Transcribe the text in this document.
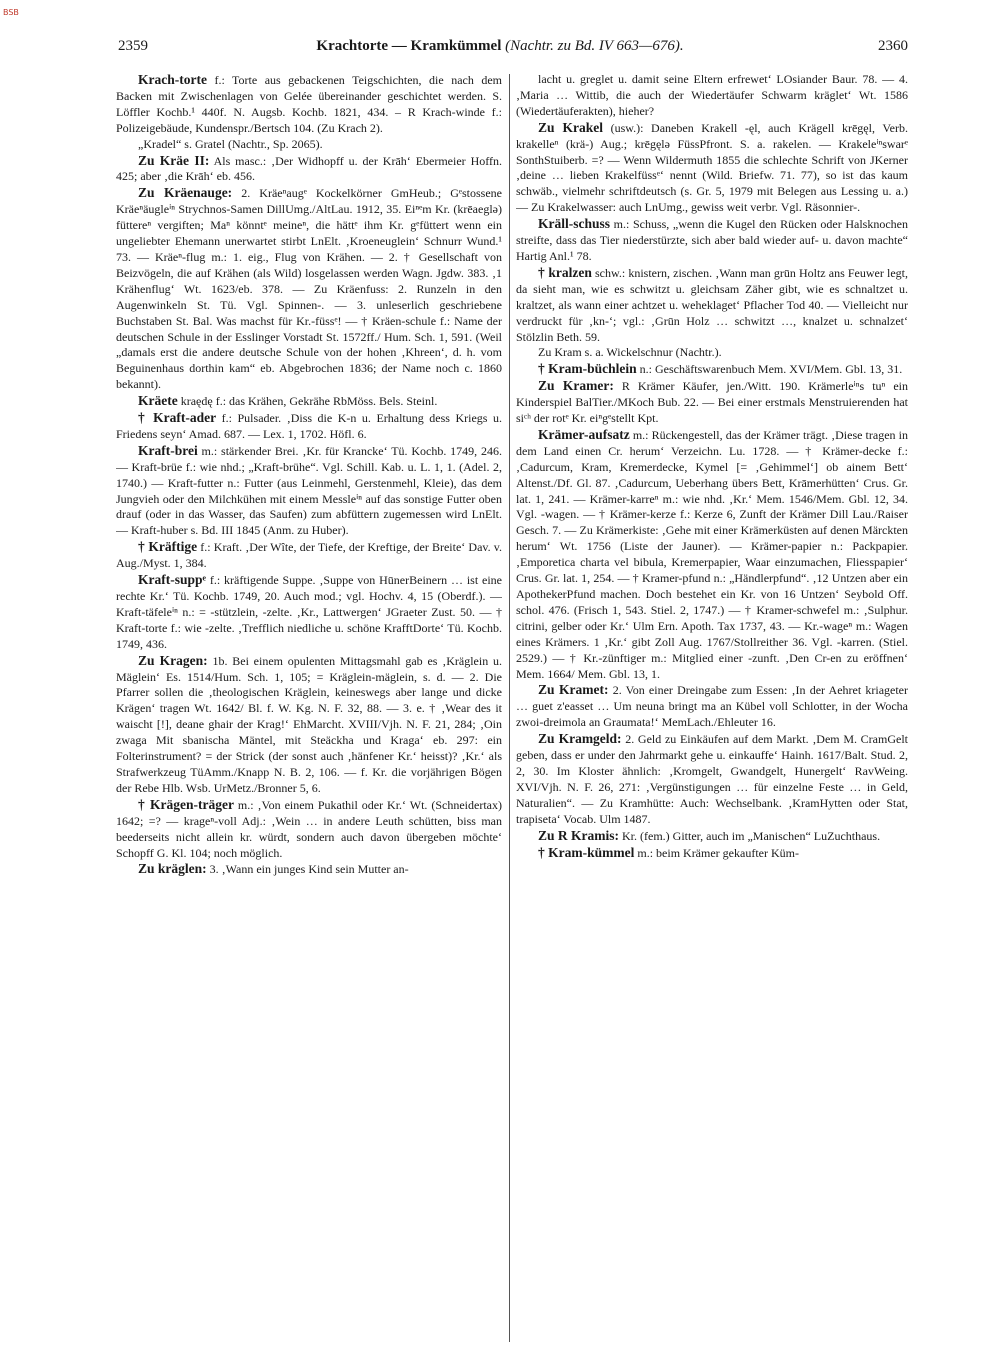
BSB
2359	Krachtorte — Kramkümmel (Nachtr. zu Bd. IV 663—676).	2360

Krach-torte f.: Torte aus gebackenen Teigschichten, die nach dem Backen mit Zwischenlagen von Gelée übereinander geschichtet werden. S. Löffler Kochb.¹ 440f. N. Augsb. Kochb. 1821, 434. – R Krach-winde f.: Polizeigebäude, Kundenspr./Bertsch 104. (Zu Krach 2).

„Kradel“ s. Gratel (Nachtr., Sp. 2065).

Zu Kräe II: Als masc.: ‚Der Widhopff u. der Krāh‘ Ebermeier Hoffn. 425; aber ‚die Krāh‘ eb. 456.

Zu Kräenauge: 2. Kräeⁿaugᵉ Kockelkörner GmHeub.; Gᵉstossene Kräeⁿäugleⁱⁿ Strychnos-Samen DillUmg./AltLau. 1912, 35. Eiⁿᵉm Kr. (krēaeglə) füttereⁿ vergiften; Maⁿ könntᵉ meineⁿ, die hättᵉ ihm Kr. gᵉfüttert wenn ein ungeliebter Ehemann unerwartet stirbt LnElt. ‚Kroeneuglein‘ Schnurr Wund.¹ 73. — Kräeⁿ-flug m.: 1. eig., Flug von Krähen. — 2. † Gesellschaft von Beizvögeln, die auf Krähen (als Wild) losgelassen werden Wagn. Jgdw. 383. ‚1 Krähenflug‘ Wt. 1623/eb. 378. — Zu Kräenfuss: 2. Runzeln in den Augenwinkeln St. Tü. Vgl. Spinnen-. — 3. unleserlich geschriebene Buchstaben St. Bal. Was machst für Kr.-füssᵉ! — † Kräen-schule f.: Name der deutschen Schule in der Esslinger Vorstadt St. 1572ff./ Hum. Sch. 1, 591. (Weil „damals erst die andere deutsche Schule von der hohen ‚Khreen‘, d. h. vom Beguinenhaus dorthin kam“ eb. Abgebrochen 1836; der Name noch c. 1860 bekannt).

Kräete kraędę f.: das Krähen, Gekrähe RbMöss. Bels. Steinl.

† Kraft-ader f.: Pulsader. ‚Diss die K-n u. Erhaltung dess Kriegs u. Friedens seyn‘ Amad. 687. — Lex. 1, 1702. Höfl. 6.

Kraft-brei m.: stärkender Brei. ‚Kr. für Krancke‘ Tü. Kochb. 1749, 246. — Kraft-brüe f.: wie nhd.; „Kraft-brühe“. Vgl. Schill. Kab. u. L. 1, 1. (Adel. 2, 1740.) — Kraft-futter n.: Futter (aus Leinmehl, Gerstenmehl, Kleie), das dem Jungvieh oder den Milchkühen mit einem Messleⁱⁿ auf das sonstige Futter oben drauf (oder in das Wasser, das Saufen) zum abfüttern zugemessen wird LnElt. — Kraft-huber s. Bd. III 1845 (Anm. zu Huber).

† Kräftige f.: Kraft. ‚Der Wîte, der Tiefe, der Kreftige, der Breite‘ Dav. v. Aug./Myst. 1, 384.

Kraft-suppᵉ f.: kräftigende Suppe. ‚Suppe von HūnerBeinern … ist eine rechte Kr.‘ Tü. Kochb. 1749, 20. Auch mod.; vgl. Hochv. 4, 15 (Oberdf.). — Kraft-täfeleⁱⁿ n.: = -stützlein, -zelte. ‚Kr., Lattwergen‘ JGraeter Zust. 50. — † Kraft-torte f.: wie -zelte. ‚Trefflich niedliche u. schöne KrafftDorte‘ Tü. Kochb. 1749, 436.

Zu Kragen: 1b. Bei einem opulenten Mittagsmahl gab es ‚Kräglein u. Mäglein‘ Es. 1514/Hum. Sch. 1, 105; = Kräglein-mäglein, s. d. — 2. Die Pfarrer sollen die ‚theologischen Kräglein, keineswegs aber lange und dicke Krägen‘ tragen Wt. 1642/ Bl. f. W. Kg. N. F. 32, 88. — 3. e. † ‚Wear des it waischt [!], deane ghair der Krag!‘ EhMarcht. XVIII/Vjh. N. F. 21, 284; ‚Oin zwaga Mit sbanischa Mäntel, mit Steäckha und Kraga‘ eb. 297: ein Folterinstrument? = der Strick (der sonst auch ‚hänfener Kr.‘ heisst)? ‚Kr.‘ als Strafwerkzeug TüAmm./Knapp N. B. 2, 106. — f. Kr. die vorjährigen Bögen der Rebe Hlb. Wsb. UrMetz./Bronner 5, 6.

† Krägen-träger m.: ‚Von einem Pukathil oder Kr.‘ Wt. (Schneidertax) 1642; =? — krageⁿ-voll Adj.: ‚Wein … in andere Leuth schütten, biss man beederseits nicht allein kr. würdt, sondern auch davon übergeben möchte‘ Schopff G. Kl. 104; noch möglich.

Zu kräglen: 3. ‚Wann ein junges Kind sein Mutter an-

lacht u. greglet u. damit seine Eltern erfrewet‘ LOsiander Baur. 78. — 4. ‚Maria … Wittib, die auch der Wiedertäufer Schwarm kräglet‘ Wt. 1586 (Wiedertäuferakten), hieher?

Zu Krakel (usw.): Daneben Krakell -ęl, auch Krägell krēgęl, Verb. krakelleⁿ (krä-) Aug.; krēgęlə FüssPfront. S. a. rakelen. — Krakeleⁱⁿswarᵉ SonthStuiberb. =? — Wenn Wildermuth 1855 die schlechte Schrift von JKerner ‚deine … lieben Krakelfüssᵉ‘ nennt (Wild. Briefw. 71. 77), so ist das kaum schwäb., vielmehr schriftdeutsch (s. Gr. 5, 1979 mit Belegen aus Lessing u. a.) — Zu Krakelwasser: auch LnUmg., gewiss weit verbr. Vgl. Räsonnier-.

Kräll-schuss m.: Schuss, „wenn die Kugel den Rücken oder Halsknochen streifte, dass das Tier niederstürzte, sich aber bald wieder auf- u. davon machte“ Hartig Anl.¹ 78.

† kralzen schw.: knistern, zischen. ‚Wann man grūn Holtz ans Feuwer legt, da sieht man, wie es schwitzt u. gleichsam Zäher gibt, wie es schnaltzet u. kraltzet, als wann einer achtzet u. weheklaget‘ Pflacher Tod 40. — Vielleicht nur verdruckt für ‚kn-‘; vgl.: ‚Grūn Holz … schwitzt …, knalzet u. schnalzet‘ Stölzlin Beth. 59.

Zu Kram s. a. Wickelschnur (Nachtr.).

† Kram-büchlein n.: Geschäftswarenbuch Mem. XVI/Mem. Gbl. 13, 31.

Zu Kramer: R Krämer Käufer, jen./Witt. 190. Krämerleⁱⁿs tuⁿ ein Kinderspiel BalTier./MKoch Bub. 22. — Bei einer erstmals Menstruierenden hat siᶜʰ der rotᵉ Kr. eiⁿgᵉstellt Kpt.

Krämer-aufsatz m.: Rückengestell, das der Krämer trägt. ‚Diese tragen in dem Land einen Cr. herum‘ Verzeichn. Lu. 1728. — † Krämer-decke f.: ‚Cadurcum, Kram, Kremerdecke, Kymel [= ‚Gehimmel‘] ob ainem Bett‘ Altenst./Df. Gl. 87. ‚Cadurcum, Ueberhang übers Bett, Krāmerhütten‘ Crus. Gr. lat. 1, 241. — Krämer-karreⁿ m.: wie nhd. ‚Kr.‘ Mem. 1546/Mem. Gbl. 12, 34. Vgl. -wagen. — † Krämer-kerze f.: Kerze 6, Zunft der Krämer Dill Lau./Raiser Gesch. 7. — Zu Krämerkiste: ‚Gehe mit einer Krämerküsten auf denen Märckten herum‘ Wt. 1756 (Liste der Jauner). — Krämer-papier n.: Packpapier. ‚Emporetica charta vel bibula, Kremerpapier, Waar einzumachen, Fliesspapier‘ Crus. Gr. lat. 1, 254. — † Kramer-pfund n.: „Händlerpfund“. ‚12 Untzen aber ein ApothekerPfund machen. Doch bestehet ein Kr. von 16 Untzen‘ Seybold Off. schol. 476. (Frisch 1, 543. Stiel. 2, 1747.) — † Kramer-schwefel m.: ‚Sulphur. citrini, gelber oder Kr.‘ Ulm Ern. Apoth. Tax 1737, 43. — Kr.-wageⁿ m.: Wagen eines Krämers. 1 ‚Kr.‘ gibt Zoll Aug. 1767/Stollreither 36. Vgl. -karren. (Stiel. 2529.) — † Kr.-zünftiger m.: Mitglied einer -zunft. ‚Den Cr-en zu eröffnen‘ Mem. 1664/ Mem. Gbl. 13, 1.

Zu Kramet: 2. Von einer Dreingabe zum Essen: ‚In der Aehret kriageter … guet z'easset … Um neuna bringt ma an Kübel voll Schlotter, in der Wocha zwoi-dreimola an Graumata!‘ MemLach./Ehleuter 16.

Zu Kramgeld: 2. Geld zu Einkäufen auf dem Markt. ‚Dem M. CramGelt geben, dass er under den Jahrmarkt gehe u. einkauffe‘ Hainh. 1617/Balt. Stud. 2, 2, 30. Im Kloster ähnlich: ‚Kromgelt, Gwandgelt, Hunergelt‘ RavWeing. XVI/Vjh. N. F. 26, 271: ‚Vergünstigungen … für einzelne Feste … in Geld, Naturalien“. — Zu Kramhütte: Auch: Wechselbank. ‚KramHytten oder Stat, trapiseta‘ Vocab. Ulm 1487.

Zu R Kramis: Kr. (fem.) Gitter, auch im „Manischen“ LuZuchthaus.

† Kram-kümmel m.: beim Krämer gekaufter Küm-
